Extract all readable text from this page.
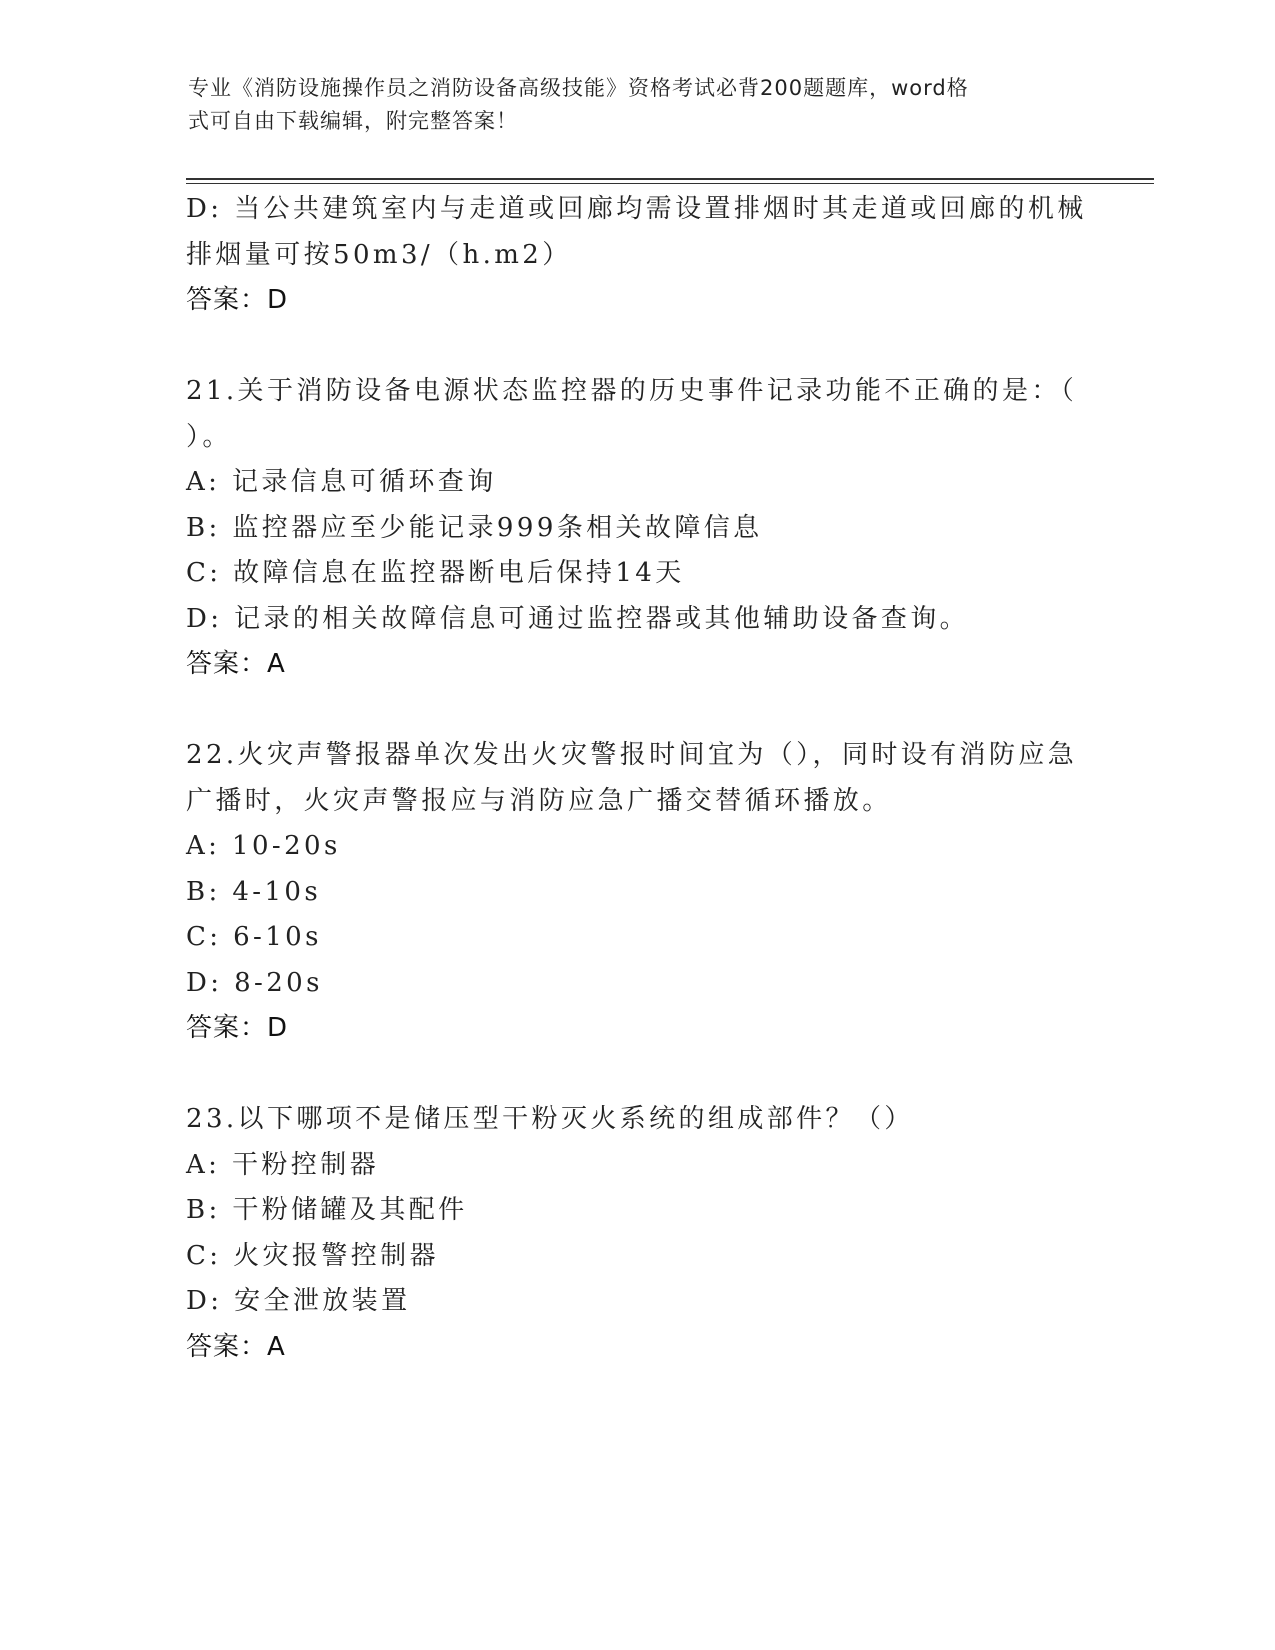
专业《消防设施操作员之消防设备高级技能》资格考试必背200题题库，word格
式可自由下载编辑，附完整答案！
D: 当公共建筑室内与走道或回廊均需设置排烟时其走道或回廊的机械
排烟量可按50m3/（h.m2）
答案：D
21.关于消防设备电源状态监控器的历史事件记录功能不正确的是：（
）。
A: 记录信息可循环查询
B: 监控器应至少能记录999条相关故障信息
C: 故障信息在监控器断电后保持14天
D: 记录的相关故障信息可通过监控器或其他辅助设备查询。
答案：A
22.火灾声警报器单次发出火灾警报时间宜为（），同时设有消防应急
广播时，火灾声警报应与消防应急广播交替循环播放。
A: 10-20s
B: 4-10s
C: 6-10s
D: 8-20s
答案：D
23.以下哪项不是储压型干粉灭火系统的组成部件？（）
A: 干粉控制器
B: 干粉储罐及其配件
C: 火灾报警控制器
D: 安全泄放装置
答案：A
